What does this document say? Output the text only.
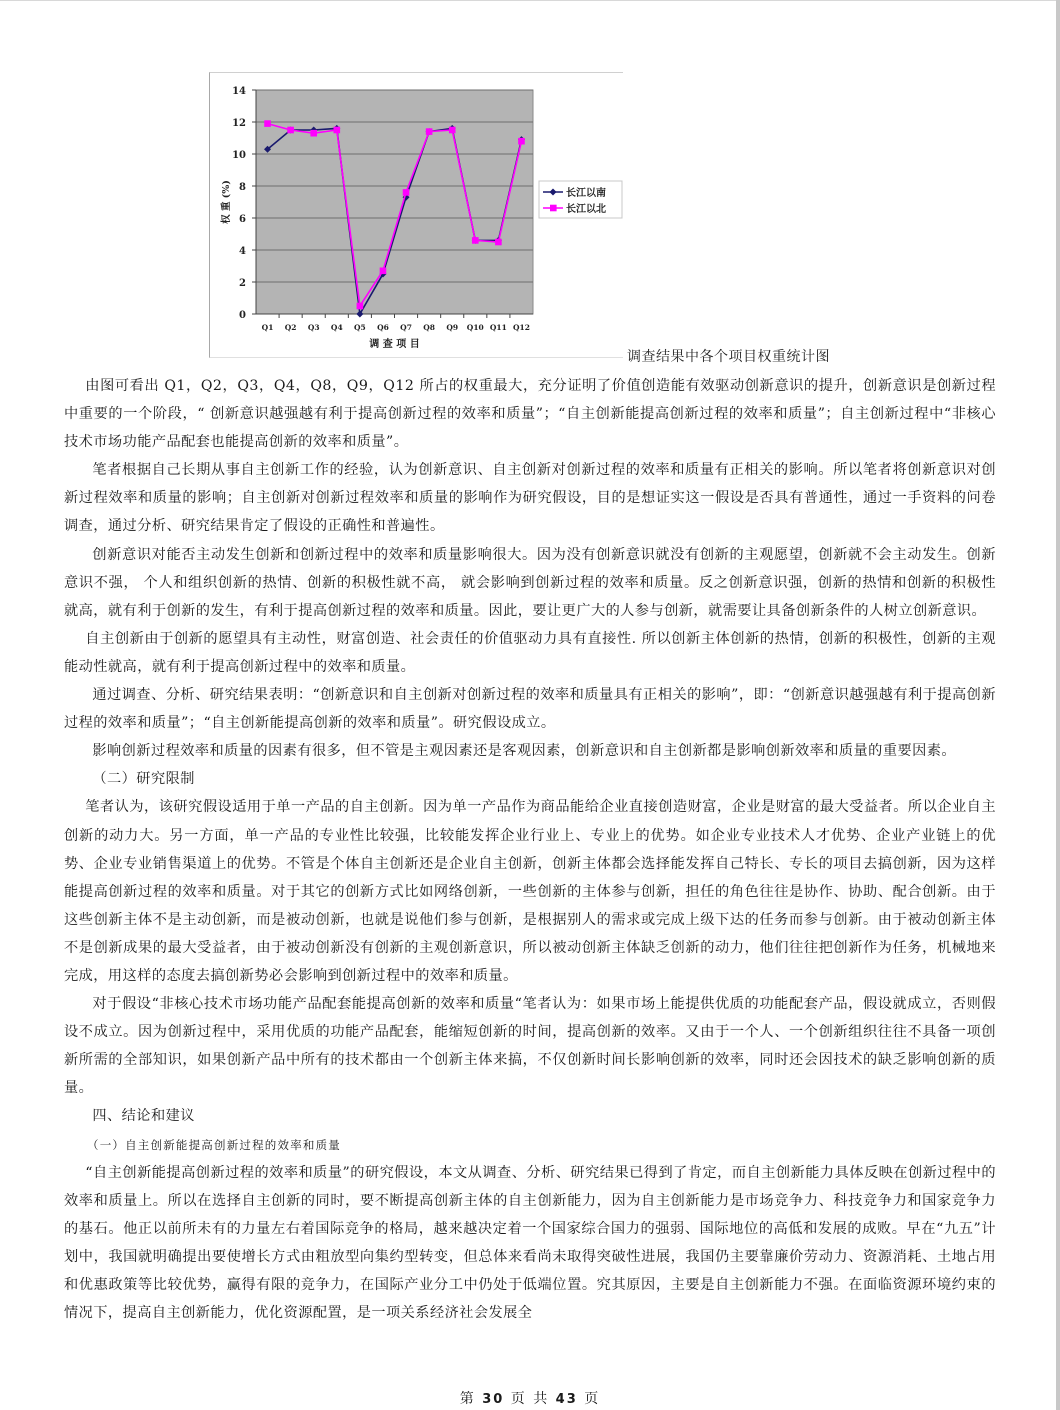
0
2
4
6
8
10
12
14
Q1 Q2 Q3 Q4 Q5 Q6 Q7 Q8 Q9 Q10 Q11 Q12
调 查 项 目
权 重 (%)	长江以南
长江以北
调查结果中各个项目权重统计图

由图可看出 Q1，Q2，Q3，Q4，Q8，Q9，Q12 所占的权重最大，充分证明了价值创造能有效驱动创新意识的提升，创新意识是创新过程中重要的一个阶段，“ 创新意识越强越有利于提高创新过程的效率和质量”；“自主创新能提高创新过程的效率和质量”；自主创新过程中“非核心技术市场功能产品配套也能提高创新的效率和质量”。

笔者根据自己长期从事自主创新工作的经验，认为创新意识、自主创新对创新过程的效率和质量有正相关的影响。所以笔者将创新意识对创新过程效率和质量的影响；自主创新对创新过程效率和质量的影响作为研究假设，目的是想证实这一假设是否具有普通性，通过一手资料的问卷调查，通过分析、研究结果肯定了假设的正确性和普遍性。

创新意识对能否主动发生创新和创新过程中的效率和质量影响很大。因为没有创新意识就没有创新的主观愿望，创新就不会主动发生。创新意识不强， 个人和组织创新的热情、创新的积极性就不高， 就会影响到创新过程的效率和质量。反之创新意识强，创新的热情和创新的积极性就高，就有利于创新的发生，有利于提高创新过程的效率和质量。因此，要让更广大的人参与创新，就需要让具备创新条件的人树立创新意识。

自主创新由于创新的愿望具有主动性，财富创造、社会责任的价值驱动力具有直接性. 所以创新主体创新的热情，创新的积极性，创新的主观能动性就高，就有利于提高创新过程中的效率和质量。

通过调查、分析、研究结果表明：“创新意识和自主创新对创新过程的效率和质量具有正相关的影响”，即：“创新意识越强越有利于提高创新过程的效率和质量”；“自主创新能提高创新的效率和质量”。研究假设成立。

影响创新过程效率和质量的因素有很多，但不管是主观因素还是客观因素，创新意识和自主创新都是影响创新效率和质量的重要因素。

（二）研究限制

笔者认为，该研究假设适用于单一产品的自主创新。因为单一产品作为商品能给企业直接创造财富，企业是财富的最大受益者。所以企业自主创新的动力大。另一方面，单一产品的专业性比较强，比较能发挥企业行业上、专业上的优势。如企业专业技术人才优势、企业产业链上的优势、企业专业销售渠道上的优势。不管是个体自主创新还是企业自主创新，创新主体都会选择能发挥自己特长、专长的项目去搞创新，因为这样能提高创新过程的效率和质量。对于其它的创新方式比如网络创新，一些创新的主体参与创新，担任的角色往往是协作、协助、配合创新。由于这些创新主体不是主动创新，而是被动创新，也就是说他们参与创新，是根据别人的需求或完成上级下达的任务而参与创新。由于被动创新主体不是创新成果的最大受益者，由于被动创新没有创新的主观创新意识，所以被动创新主体缺乏创新的动力，他们往往把创新作为任务，机械地来完成，用这样的态度去搞创新势必会影响到创新过程中的效率和质量。

对于假设“非核心技术市场功能产品配套能提高创新的效率和质量“笔者认为：如果市场上能提供优质的功能配套产品，假设就成立，否则假设不成立。因为创新过程中，采用优质的功能产品配套，能缩短创新的时间，提高创新的效率。又由于一个人、一个创新组织往往不具备一项创新所需的全部知识，如果创新产品中所有的技术都由一个创新主体来搞，不仅创新时间长影响创新的效率，同时还会因技术的缺乏影响创新的质量。

四、结论和建议

（一）自主创新能提高创新过程的效率和质量

“自主创新能提高创新过程的效率和质量”的研究假设，本文从调查、分析、研究结果已得到了肯定，而自主创新能力具体反映在创新过程中的效率和质量上。所以在选择自主创新的同时，要不断提高创新主体的自主创新能力，因为自主创新能力是市场竞争力、科技竞争力和国家竞争力的基石。他正以前所未有的力量左右着国际竞争的格局，越来越决定着一个国家综合国力的强弱、国际地位的高低和发展的成败。早在“九五”计划中，我国就明确提出要使增长方式由粗放型向集约型转变，但总体来看尚未取得突破性进展，我国仍主要靠廉价劳动力、资源消耗、土地占用和优惠政策等比较优势，赢得有限的竞争力，在国际产业分工中仍处于低端位置。究其原因，主要是自主创新能力不强。在面临资源环境约束的情况下，提高自主创新能力，优化资源配置，是一项关系经济社会发展全

第 30 页 共 43 页
